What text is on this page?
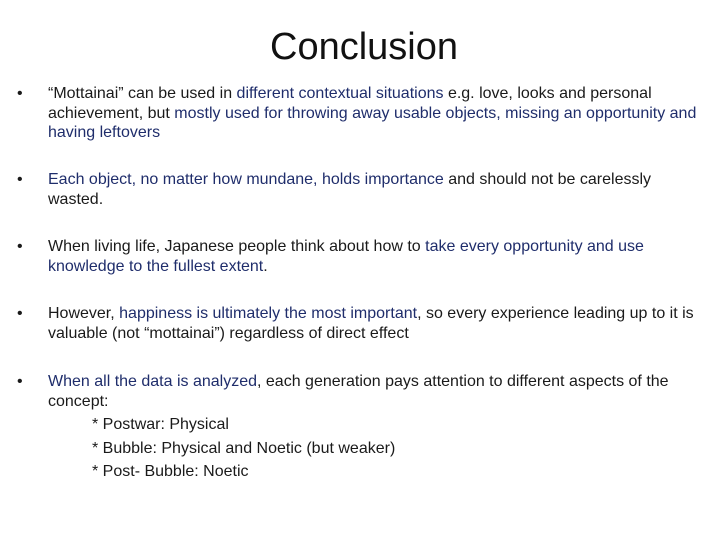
Conclusion
• “Mottainai” can be used in different contextual situations e.g. love, looks and personal achievement, but mostly used for throwing away usable objects, missing an opportunity and having leftovers
• Each object, no matter how mundane, holds importance and should not be carelessly wasted.
• When living life, Japanese people think about how to take every opportunity and use knowledge to the fullest extent.
• However, happiness is ultimately the most important, so every experience leading up to it is valuable (not “mottainai”) regardless of direct effect
• When all the data is analyzed, each generation pays attention to different aspects of the concept:
* Postwar: Physical
* Bubble: Physical and Noetic (but weaker)
* Post- Bubble: Noetic
